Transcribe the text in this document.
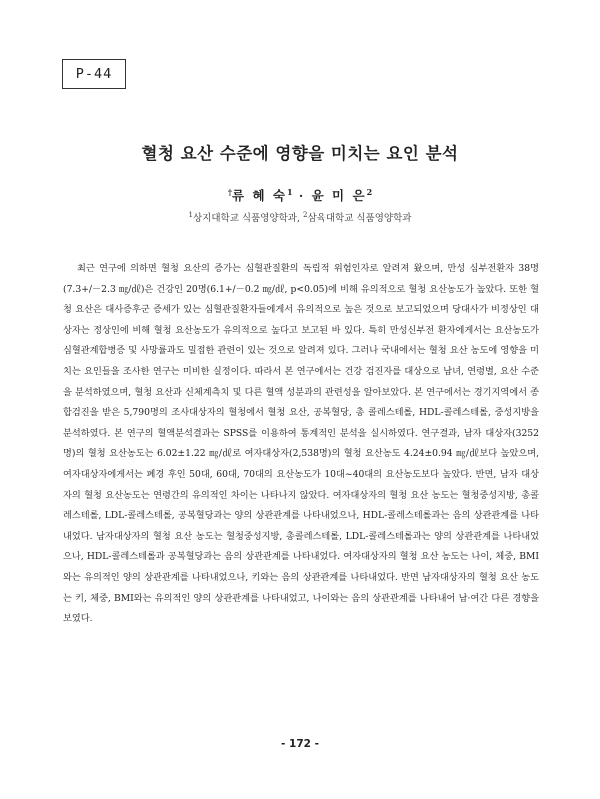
P-44
혈청 요산 수준에 영향을 미치는 요인 분석
†류 혜 숙$^1$ · 윤 미 은$^2$
$^1$상지대학교 식품영양학과, $^2$삼육대학교 식품영양학과

최근 연구에 의하면 혈청 요산의 증가는 심혈관질환의 독립적 위험인자로 알려져 왔으며, 만성 심부전환자 38명(7.3+/－2.3 ㎎/㎗)은 건강인 20명(6.1+/－0.2 ㎎/㎗, p<0.05)에 비해 유의적으로 혈청 요산농도가 높았다. 또한 혈청 요산은 대사증후군 증세가 있는 심혈관질환자들에게서 유의적으로 높은 것으로 보고되었으며 당대사가 비정상인 대상자는 정상인에 비해 혈청 요산농도가 유의적으로 높다고 보고된 바 있다. 특히 만성신부전 환자에게서는 요산농도가 심혈관계합병증 및 사망률과도 밀접한 관련이 있는 것으로 알려져 있다. 그러나 국내에서는 혈청 요산 농도에 영향을 미치는 요인들을 조사한 연구는 미비한 실정이다. 따라서 본 연구에서는 건강 검진자를 대상으로 남녀, 연령별, 요산 수준을 분석하였으며, 혈청 요산과 신체계측치 및 다른 혈액 성분과의 관련성을 알아보았다. 본 연구에서는 경기지역에서 종합검진을 받은 5,790명의 조사대상자의 혈청에서 혈청 요산, 공복혈당, 총 콜레스테롤, HDL-콜레스테롤, 중성지방을 분석하였다. 본 연구의 혈액분석결과는 SPSS를 이용하여 통계적인 분석을 실시하였다. 연구결과, 남자 대상자(3252명)의 혈청 요산농도는 6.02±1.22 ㎎/㎗로 여자대상자(2,538명)의 혈청 요산농도 4.24±0.94 ㎎/㎗보다 높았으며, 여자대상자에게서는 폐경 후인 50대, 60대, 70대의 요산농도가 10대~40대의 요산농도보다 높았다. 반면, 남자 대상자의 혈청 요산농도는 연령간의 유의적인 차이는 나타나지 않았다. 여자대상자의 혈청 요산 농도는 혈청중성지방, 총콜레스테롤, LDL-콜레스테롤, 공복혈당과는 양의 상관관계를 나타내었으나, HDL-콜레스테롤과는 음의 상관관계를 나타내었다. 남자대상자의 혈청 요산 농도는 혈청중성지방, 총콜레스테롤, LDL-콜레스테롤과는 양의 상관관계를 나타내었으나, HDL-콜레스테롤과 공복혈당과는 음의 상관관계를 나타내었다. 여자대상자의 혈청 요산 농도는 나이, 체중, BMI와는 유의적인 양의 상관관계를 나타내었으나, 키와는 음의 상관관계를 나타내었다. 반면 남자대상자의 혈청 요산 농도는 키, 체중, BMI와는 유의적인 양의 상관관계를 나타내었고, 나이와는 음의 상관관계를 나타내어 남·여간 다른 경향을 보였다.

- 172 -
